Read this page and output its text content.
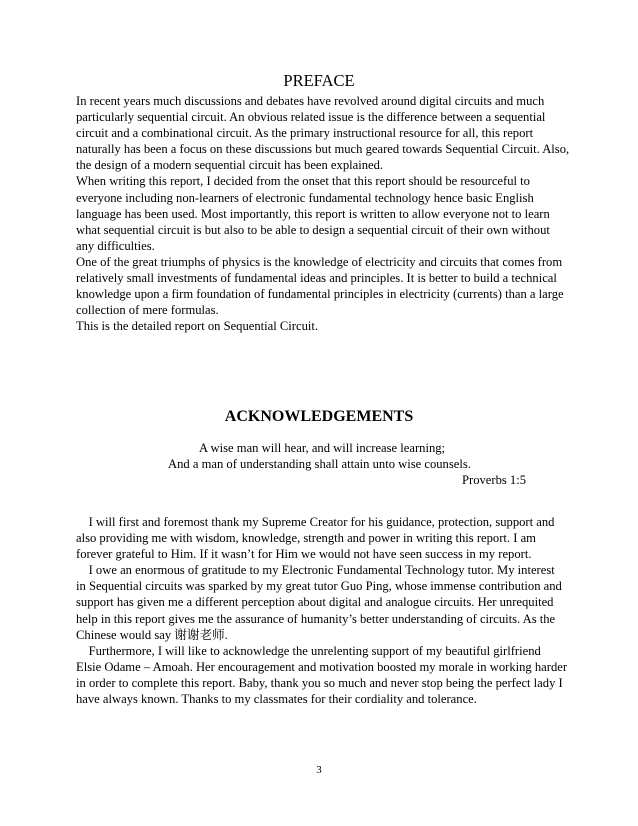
PREFACE

In recent years much discussions and debates have revolved around digital circuits and much

particularly sequential circuit. An obvious related issue is the difference between a sequential

circuit and a combinational circuit. As the primary instructional resource for all, this report

naturally has been a focus on these discussions but much geared towards Sequential Circuit. Also,

the design of a modern sequential circuit has been explained.

When writing this report, I decided from the onset that this report should be resourceful to

everyone including non-learners of electronic fundamental technology hence basic English

language has been used. Most importantly, this report is written to allow everyone not to learn

what sequential circuit is but also to be able to design a sequential circuit of their own without

any difficulties.

One of the great triumphs of physics is the knowledge of electricity and circuits that comes from

relatively small investments of fundamental ideas and principles. It is better to build a technical

knowledge upon a firm foundation of fundamental principles in electricity (currents) than a large

collection of mere formulas.

This is the detailed report on Sequential Circuit.

ACKNOWLEDGEMENTS
A wise man will hear, and will increase learning;
And a man of understanding shall attain unto wise counsels.
Proverbs 1:5

I will first and foremost thank my Supreme Creator for his guidance, protection, support and

also providing me with wisdom, knowledge, strength and power in writing this report. I am

forever grateful to Him. If it wasn’t for Him we would not have seen success in my report.

I owe an enormous of gratitude to my Electronic Fundamental Technology tutor. My interest

in Sequential circuits was sparked by my great tutor Guo Ping, whose immense contribution and

support has given me a different perception about digital and analogue circuits. Her unrequited

help in this report gives me the assurance of humanity’s better understanding of circuits. As the

Chinese would say 谢谢老师.

Furthermore, I will like to acknowledge the unrelenting support of my beautiful girlfriend

Elsie Odame – Amoah. Her encouragement and motivation boosted my morale in working harder

in order to complete this report. Baby, thank you so much and never stop being the perfect lady I

have always known. Thanks to my classmates for their cordiality and tolerance.

3
